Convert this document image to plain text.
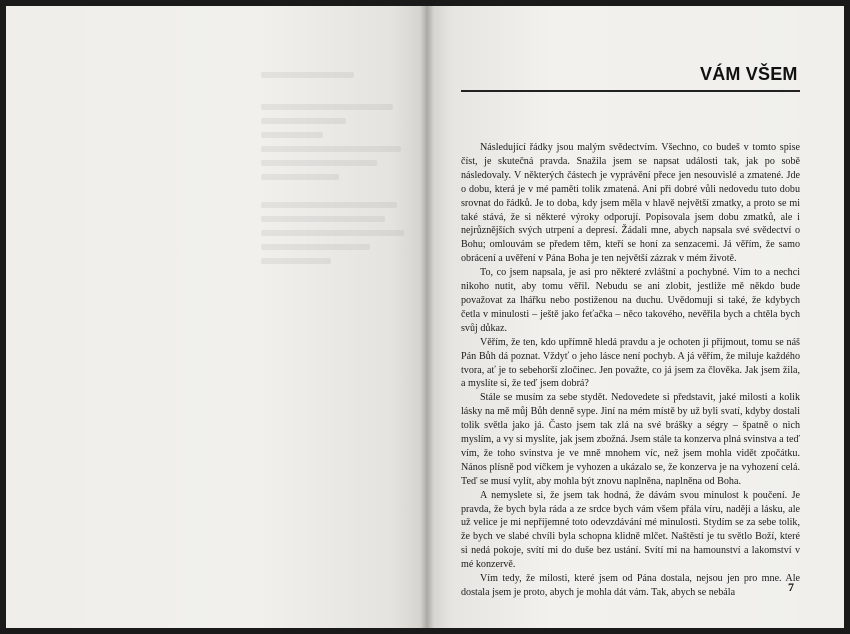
VÁM VŠEM

Následující řádky jsou malým svědectvím. Všechno, co budeš v tomto spise číst, je skutečná pravda. Snažila jsem se napsat události tak, jak po sobě následovaly. V některých částech je vyprávění přece jen nesouvislé a zmatené. Jde o dobu, která je v mé paměti tolik zmatená. Ani při dobré vůli nedovedu tuto dobu srovnat do řádků. Je to doba, kdy jsem měla v hlavě největší zmatky, a proto se mi také stává, že si některé výroky odporují. Popisovala jsem dobu zmatků, ale i nejrůznějších svých utrpení a depresí. Žádali mne, abych napsala své svědectví o Bohu; omlouvám se předem těm, kteří se honí za senzacemi. Já věřím, že samo obrácení a uvěření v Pána Boha je ten největší zázrak v mém životě.

To, co jsem napsala, je asi pro některé zvláštní a pochybné. Vím to a nechci nikoho nutit, aby tomu věřil. Nebudu se ani zlobit, jestliže mě někdo bude považovat za lhářku nebo postiženou na duchu. Uvědomuji si také, že kdybych četla v minulosti – ještě jako feťačka – něco takového, nevěřila bych a chtěla bych svůj důkaz.

Věřím, že ten, kdo upřímně hledá pravdu a je ochoten ji přijmout, tomu se náš Pán Bůh dá poznat. Vždyť o jeho lásce není pochyb. A já věřím, že miluje každého tvora, ať je to sebehorší zločinec. Jen považte, co já jsem za člověka. Jak jsem žila, a myslíte si, že teď jsem dobrá?

Stále se musím za sebe stydět. Nedovedete si představit, jaké milosti a kolik lásky na mě můj Bůh denně sype. Jiní na mém místě by už byli svatí, kdyby dostali tolik světla jako já. Často jsem tak zlá na své brášky a ségry – špatně o nich myslím, a vy si myslíte, jak jsem zbožná. Jsem stále ta konzerva plná svinstva a teď vím, že toho svinstva je ve mně mnohem víc, než jsem mohla vidět zpočátku. Nános plísně pod víčkem je vyhozen a ukázalo se, že konzerva je na vyhození celá. Teď se musí vylít, aby mohla být znovu naplněna, naplněna od Boha.

A nemyslete si, že jsem tak hodná, že dávám svou minulost k poučení. Je pravda, že bych byla ráda a ze srdce bych vám všem přála víru, naději a lásku, ale už velice je mi nepříjemné toto odevzdávání mé minulosti. Stydím se za sebe tolik, že bych ve slabé chvíli byla schopna klidně mlčet. Naštěstí je tu světlo Boží, které si nedá pokoje, svítí mi do duše bez ustání. Svítí mi na hamounství a lakomství v mé konzervě.

Vím tedy, že milosti, které jsem od Pána dostala, nejsou jen pro mne. Ale dostala jsem je proto, abych je mohla dát vám. Tak, abych se nebála	7
